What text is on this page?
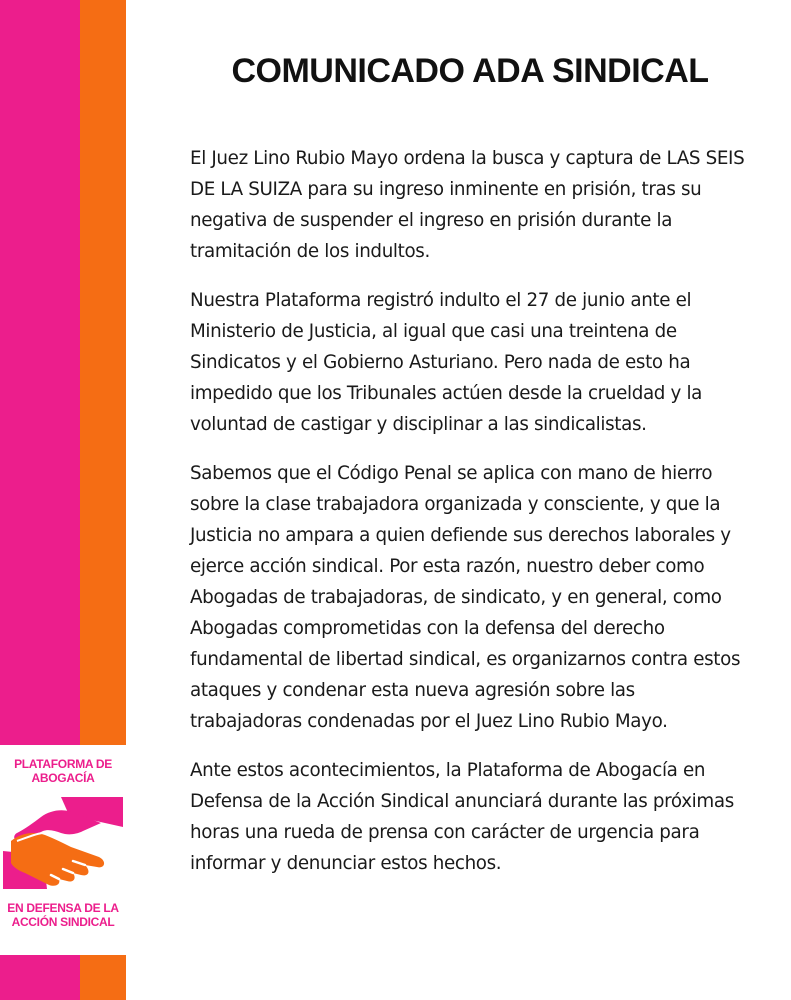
PLATAFORMA DE
ABOGACÍA
EN DEFENSA DE LA
ACCIÓN SINDICAL
COMUNICADO ADA SINDICAL

El Juez Lino Rubio Mayo ordena la busca y captura de LAS SEIS DE LA SUIZA para su ingreso inminente en prisión, tras su negativa de suspender el ingreso en prisión durante la tramitación de los indultos.

Nuestra Plataforma registró indulto el 27 de junio ante el Ministerio de Justicia, al igual que casi una treintena de Sindicatos y el Gobierno Asturiano. Pero nada de esto ha impedido que los Tribunales actúen desde la crueldad y la voluntad de castigar y disciplinar a las sindicalistas.

Sabemos que el Código Penal se aplica con mano de hierro sobre la clase trabajadora organizada y consciente, y que la Justicia no ampara a quien defiende sus derechos laborales y ejerce acción sindical. Por esta razón, nuestro deber como Abogadas de trabajadoras, de sindicato, y en general, como Abogadas comprometidas con la defensa del derecho fundamental de libertad sindical, es organizarnos contra estos ataques y condenar esta nueva agresión sobre las trabajadoras condenadas por el Juez Lino Rubio Mayo.

Ante estos acontecimientos, la Plataforma de Abogacía en Defensa de la Acción Sindical anunciará durante las próximas horas una rueda de prensa con carácter de urgencia para informar y denunciar estos hechos.
